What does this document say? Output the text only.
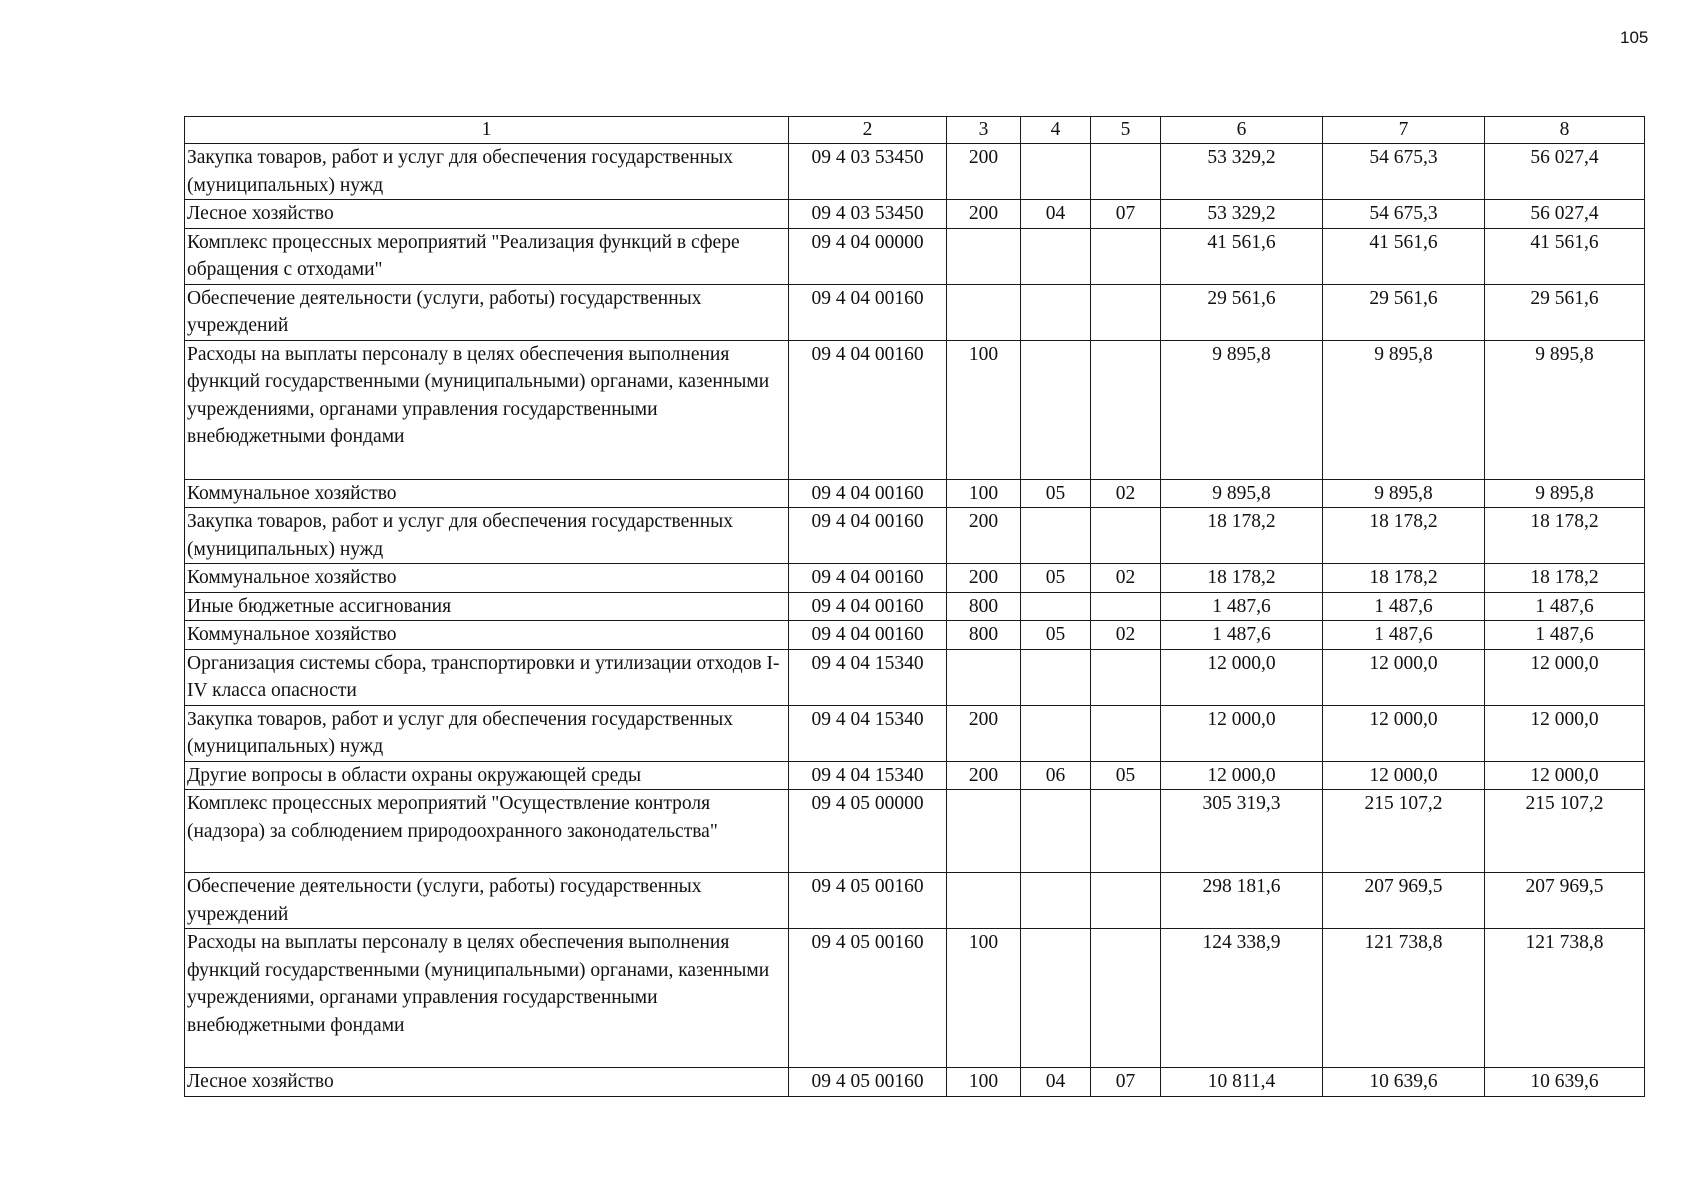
105
1	2	3	4	5	6	7	8
Закупка товаров, работ и услуг для обеспечения государственных (муниципальных) нужд	09 4 03 53450	200			53 329,2	54 675,3	56 027,4
Лесное хозяйство	09 4 03 53450	200	04	07	53 329,2	54 675,3	56 027,4
Комплекс процессных мероприятий "Реализация функций в сфере обращения с отходами"	09 4 04 00000				41 561,6	41 561,6	41 561,6
Обеспечение деятельности (услуги, работы) государственных учреждений	09 4 04 00160				29 561,6	29 561,6	29 561,6
Расходы на выплаты персоналу в целях обеспечения выполнения функций государственными (муниципальными) органами, казенными учреждениями, органами управления государственными внебюджетными фондами	09 4 04 00160	100			9 895,8	9 895,8	9 895,8
Коммунальное хозяйство	09 4 04 00160	100	05	02	9 895,8	9 895,8	9 895,8
Закупка товаров, работ и услуг для обеспечения государственных (муниципальных) нужд	09 4 04 00160	200			18 178,2	18 178,2	18 178,2
Коммунальное хозяйство	09 4 04 00160	200	05	02	18 178,2	18 178,2	18 178,2
Иные бюджетные ассигнования	09 4 04 00160	800			1 487,6	1 487,6	1 487,6
Коммунальное хозяйство	09 4 04 00160	800	05	02	1 487,6	1 487,6	1 487,6
Организация системы сбора, транспортировки и утилизации отходов I-IV класса опасности	09 4 04 15340				12 000,0	12 000,0	12 000,0
Закупка товаров, работ и услуг для обеспечения государственных (муниципальных) нужд	09 4 04 15340	200			12 000,0	12 000,0	12 000,0
Другие вопросы в области охраны окружающей среды	09 4 04 15340	200	06	05	12 000,0	12 000,0	12 000,0
Комплекс процессных мероприятий "Осуществление контроля (надзора) за соблюдением природоохранного законодательства"	09 4 05 00000				305 319,3	215 107,2	215 107,2
Обеспечение деятельности (услуги, работы) государственных учреждений	09 4 05 00160				298 181,6	207 969,5	207 969,5
Расходы на выплаты персоналу в целях обеспечения выполнения функций государственными (муниципальными) органами, казенными учреждениями, органами управления государственными внебюджетными фондами	09 4 05 00160	100			124 338,9	121 738,8	121 738,8
Лесное хозяйство	09 4 05 00160	100	04	07	10 811,4	10 639,6	10 639,6
